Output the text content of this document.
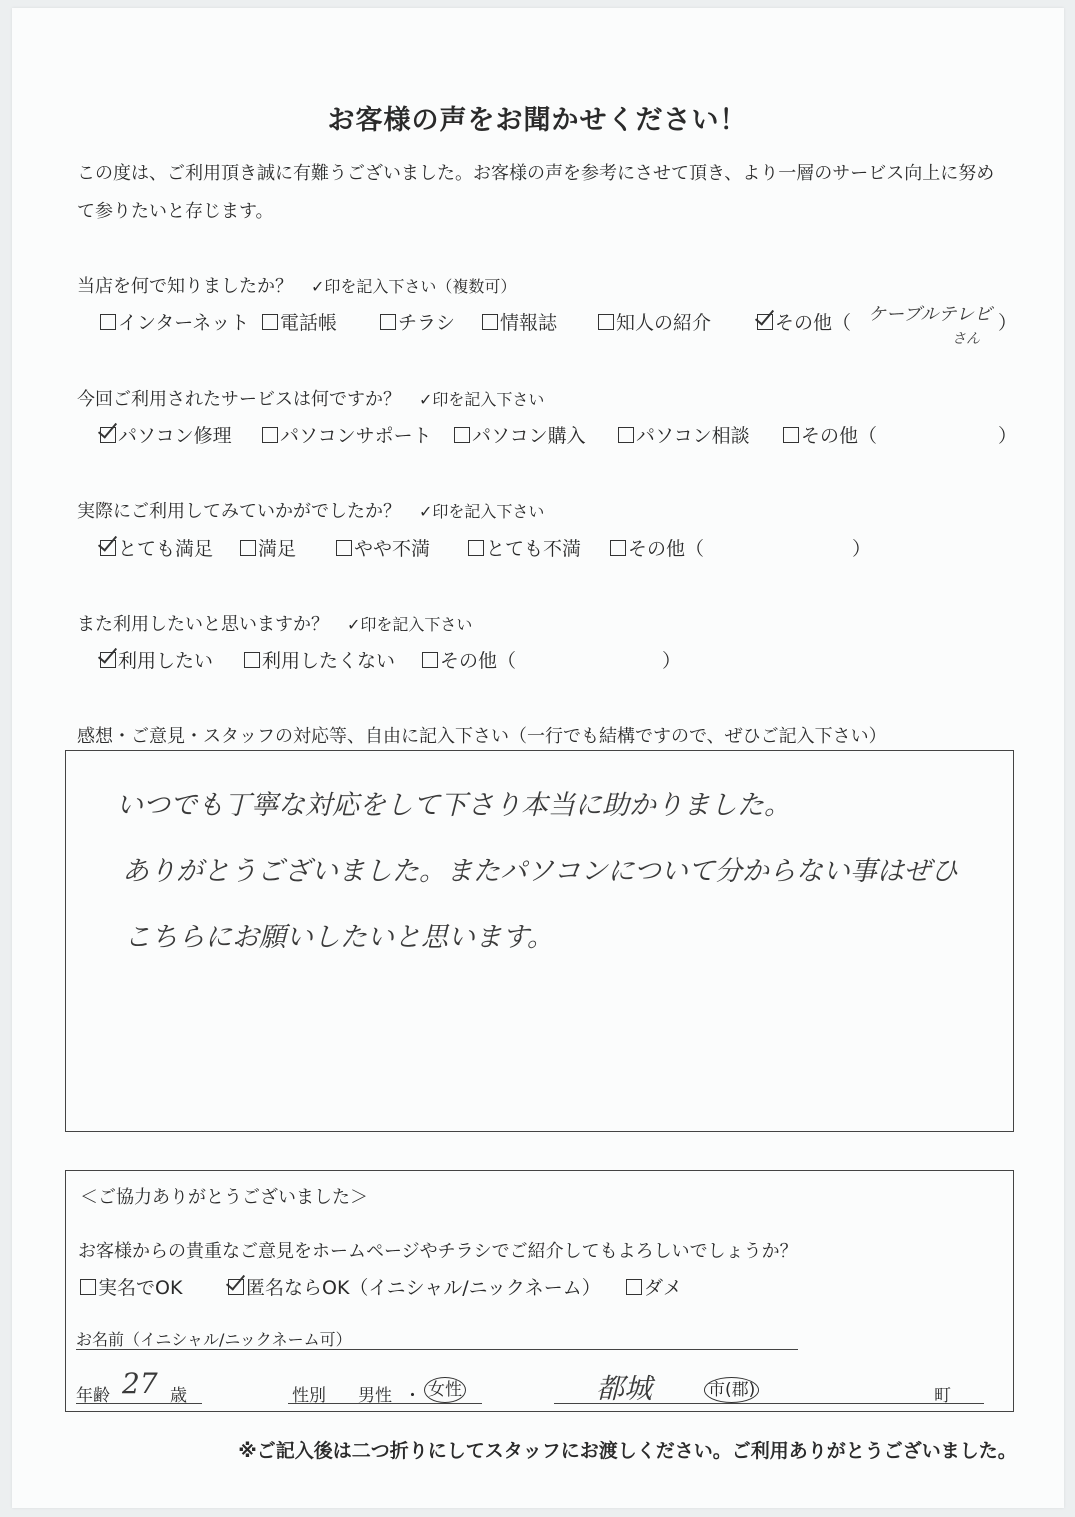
お客様の声をお聞かせください！
この度は、ご利用頂き誠に有難うございました。お客様の声を参考にさせて頂き、より一層のサービス向上に努めて参りたいと存じます。
当店を何で知りましたか？ ✓印を記入下さい（複数可）
インターネット	電話帳	チラシ	情報誌	知人の紹介	その他（ ケーブルテレビ
さん
）
今回ご利用されたサービスは何ですか？ ✓印を記入下さい
パソコン修理	パソコンサポート	パソコン購入	パソコン相談	その他（	）
実際にご利用してみていかがでしたか？ ✓印を記入下さい
とても満足	満足	やや不満	とても不満	その他（	）
また利用したいと思いますか？ ✓印を記入下さい
利用したい	利用したくない	その他（	）
感想・ご意見・スタッフの対応等、自由に記入下さい（一行でも結構ですので、ぜひご記入下さい）
いつでも丁寧な対応をして下さり本当に助かりました。
ありがとうございました。またパソコンについて分からない事はぜひ
こちらにお願いしたいと思います。
＜ご協力ありがとうございました＞
お客様からの貴重なご意見をホームページやチラシでご紹介してもよろしいでしょうか？
実名でOK	匿名ならOK（イニシャル/ニックネーム）	ダメ
お名前（イニシャル/ニックネーム可）
年齢 27 歳	性別 男性 ・ 女性	都城	市(郡)	町
※ご記入後は二つ折りにしてスタッフにお渡しください。ご利用ありがとうございました。
